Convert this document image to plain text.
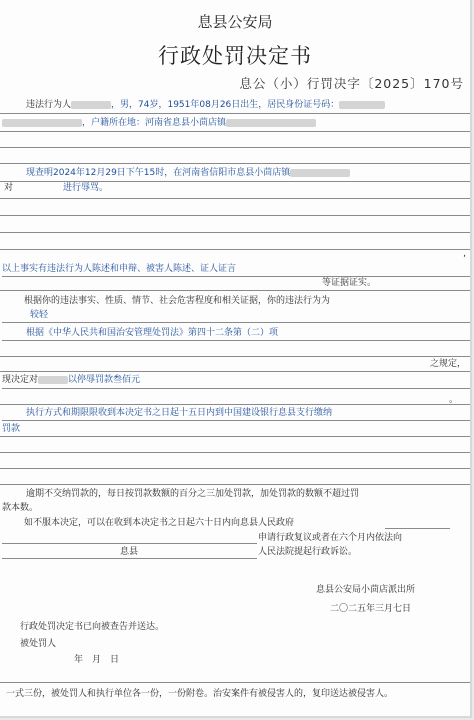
息县公安局
行政处罚决定书
息公（小）行罚决字〔2025〕170号
违法行为人	，男，74岁，1951年08月26日出生，居民身份证号码：
，户籍所在地：河南省息县小茴店镇
现查明2024年12月29日下午15时，在河南省信阳市息县小茴店镇
对	进行辱骂。
,
以上事实有违法行为人陈述和申辩、被害人陈述、证人证言
等证据证实。
根据你的违法事实、性质、情节、社会危害程度和相关证据，你的违法行为为
较轻
根据《中华人民共和国治安管理处罚法》第四十二条第（二）项
之规定，
现决定对	以停辱罚款叁佰元
。
执行方式和期限限收到本决定书之日起十五日内到中国建设银行息县支行缴纳
罚款
逾期不交纳罚款的，每日按罚款数额的百分之三加处罚款，加处罚款的数额不超过罚
款本数。
如不服本决定，可以在收到本决定书之日起六十日内向息县人民政府
申请行政复议或者在六个月内依法向
息县	人民法院提起行政诉讼。
息县公安局小茴店派出所
二〇二五年三月七日
行政处罚决定书已向被查告并送达。
被处罚人
年　月　日
一式三份，被处罚人和执行单位各一份，一份附卷。治安案件有被侵害人的，复印送达被侵害人。
